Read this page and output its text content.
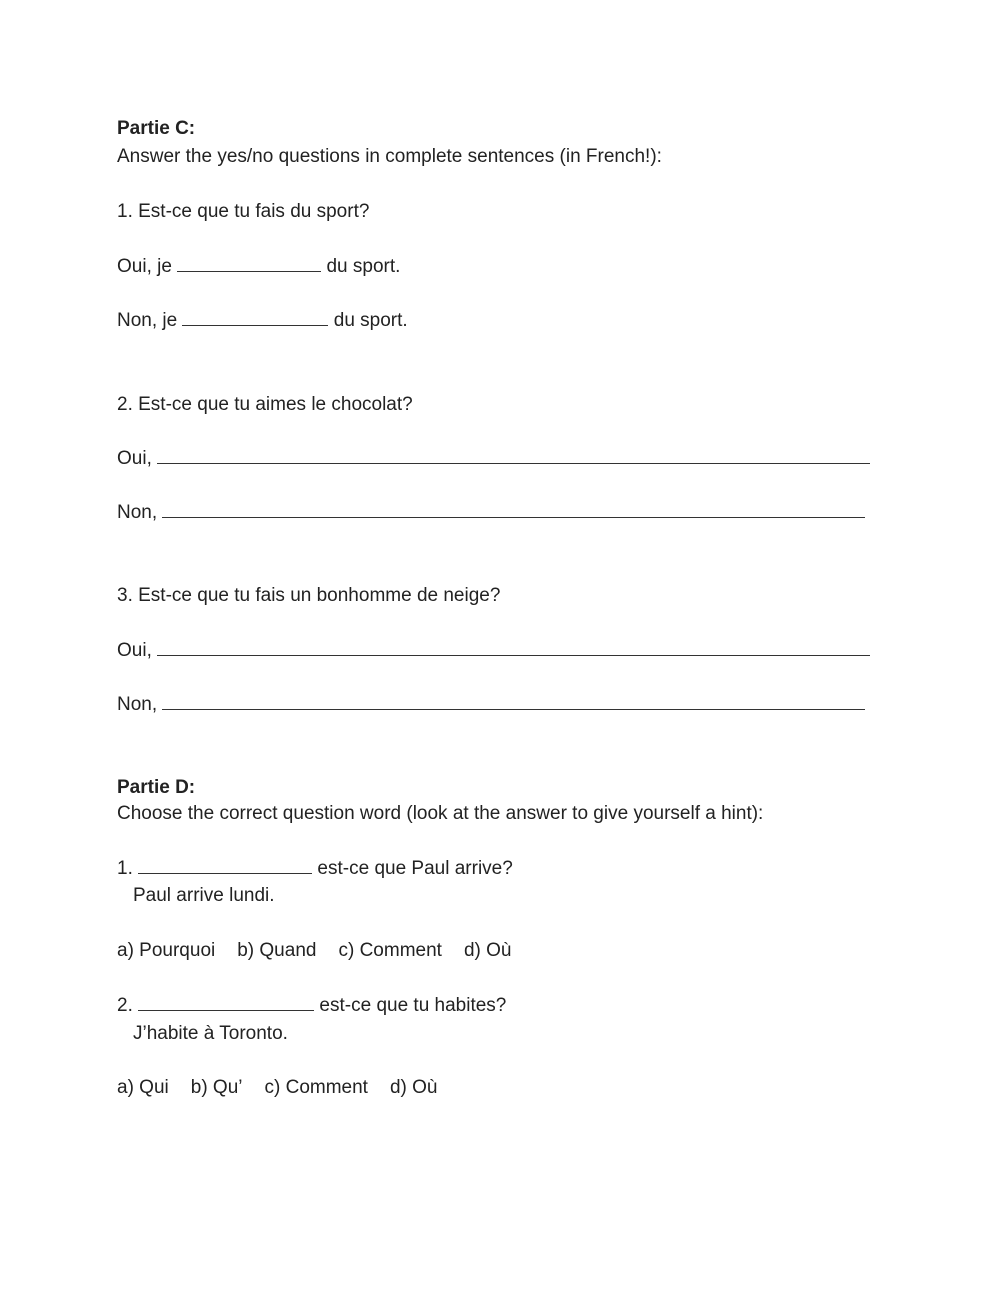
Partie C:
Answer the yes/no questions in complete sentences (in French!):
1. Est-ce que tu fais du sport?
Oui, je	du sport.
Non, je	du sport.
2. Est-ce que tu aimes le chocolat?
Oui,
Non,
3. Est-ce que tu fais un bonhomme de neige?
Oui,
Non,
Partie D:
Choose the correct question word (look at the answer to give yourself a hint):
1.	est-ce que Paul arrive?
Paul arrive lundi.
a) Pourquoi b) Quand c) Comment d) Où
2.	est-ce que tu habites?
J’habite à Toronto.
a) Qui b) Qu’ c) Comment d) Où
